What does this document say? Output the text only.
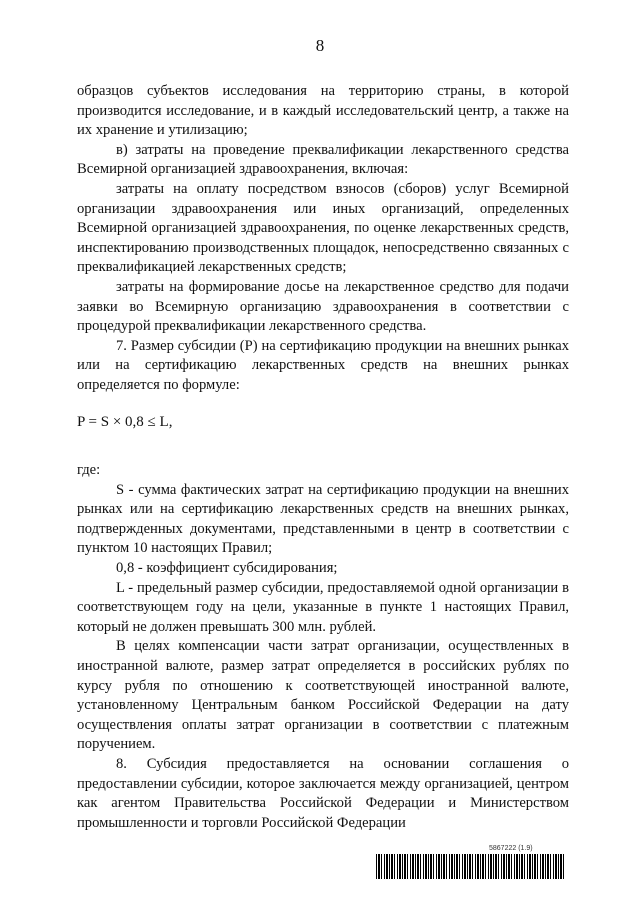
8

образцов субъектов исследования на территорию страны, в которой производится исследование, и в каждый исследовательский центр, а также на их хранение и утилизацию;

в) затраты на проведение преквалификации лекарственного средства Всемирной организацией здравоохранения, включая:

затраты на оплату посредством взносов (сборов) услуг Всемирной организации здравоохранения или иных организаций, определенных Всемирной организацией здравоохранения, по оценке лекарственных средств, инспектированию производственных площадок, непосредственно связанных с преквалификацией лекарственных средств;

затраты на формирование досье на лекарственное средство для подачи заявки во Всемирную организацию здравоохранения в соответствии с процедурой преквалификации лекарственного средства.

7. Размер субсидии (P) на сертификацию продукции на внешних рынках или на сертификацию лекарственных средств на внешних рынках определяется по формуле:

P = S × 0,8 ≤ L,

где:

S - сумма фактических затрат на сертификацию продукции на внешних рынках или на сертификацию лекарственных средств на внешних рынках, подтвержденных документами, представленными в центр в соответствии с пунктом 10 настоящих Правил;

0,8 - коэффициент субсидирования;

L - предельный размер субсидии, предоставляемой одной организации в соответствующем году на цели, указанные в пункте 1 настоящих Правил, который не должен превышать 300 млн. рублей.

В целях компенсации части затрат организации, осуществленных в иностранной валюте, размер затрат определяется в российских рублях по курсу рубля по отношению к соответствующей иностранной валюте, установленному Центральным банком Российской Федерации на дату осуществления оплаты затрат организации в соответствии с платежным поручением.

8. Субсидия предоставляется на основании соглашения о предоставлении субсидии, которое заключается между организацией, центром как агентом Правительства Российской Федерации и Министерством промышленности и торговли Российской Федерации

5867222 (1.9)
